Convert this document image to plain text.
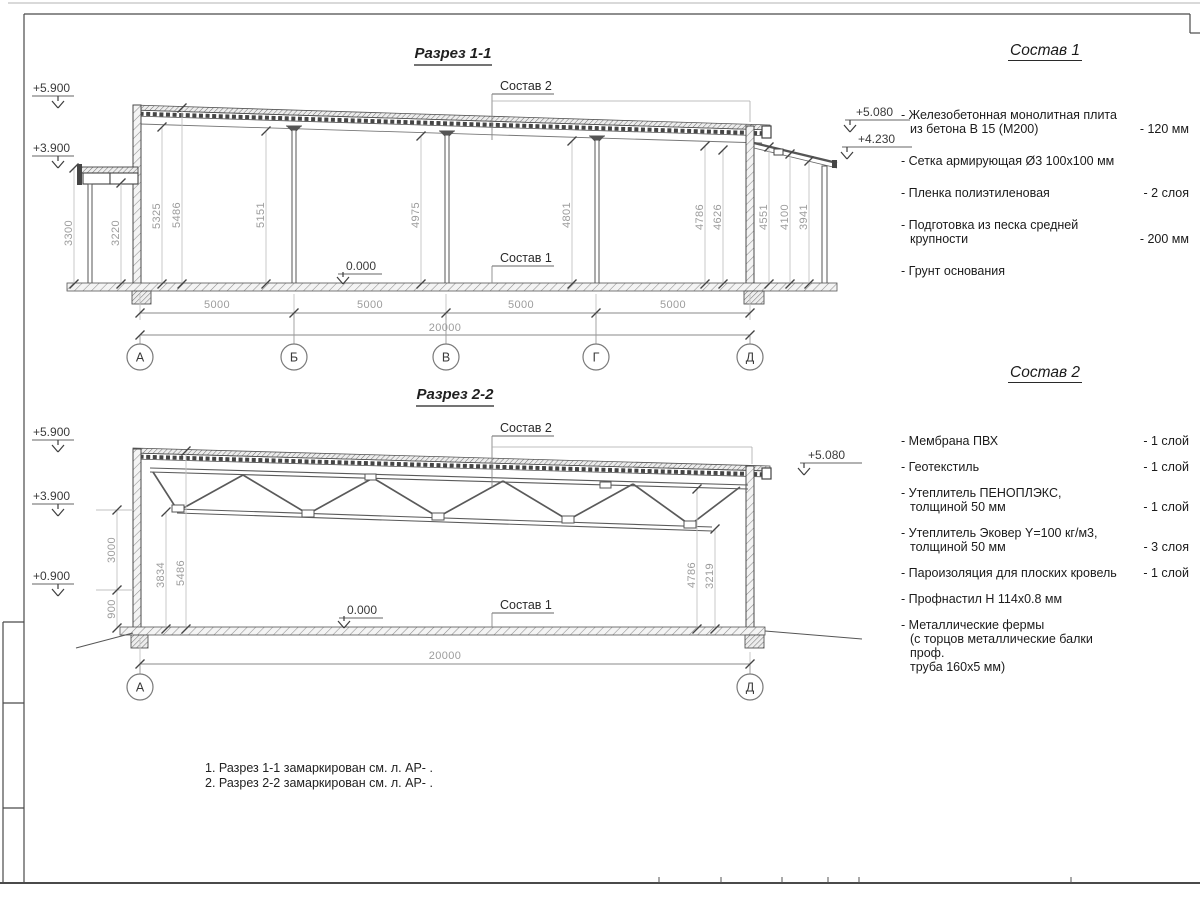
Разрез 1-1
+5.900
+3.900
+5.080
+4.230
0.000
Состав 2
Состав 1
3300	3220
5325 5486	5151	4975	4801	4786 4626	4551 4100 3941
5000	5000	5000	5000
20000
А	Б	В	Г	Д
Разрез 2-2
+5.900
+3.900
+0.900
+5.080
0.000
Состав 2
Состав 1
3000
900
3834 5486	4786 3219
20000
А	Д
Состав 1
- Железобетонная монолитная плита
из бетона В 15 (М200)	- 120 мм
- Сетка армирующая Ø3 100х100 мм
- Пленка полиэтиленовая	- 2 слоя
- Подготовка из песка средней
крупности	- 200 мм
- Грунт основания
Состав 2
- Мембрана ПВХ	- 1 слой
- Геотекстиль	- 1 слой
- Утеплитель ПЕНОПЛЭКС,
толщиной 50 мм	- 1 слой
- Утеплитель Эковер Y=100 кг/м3,
толщиной 50 мм	- 3 слоя
- Пароизоляция для плоских кровель	- 1 слой
- Профнастил Н 114х0.8 мм
- Металлические фермы
(с торцов металлические балки проф.
труба 160х5 мм)
1. Разрез 1-1 замаркирован см. л. АР- .
2. Разрез 2-2 замаркирован см. л. АР- .
